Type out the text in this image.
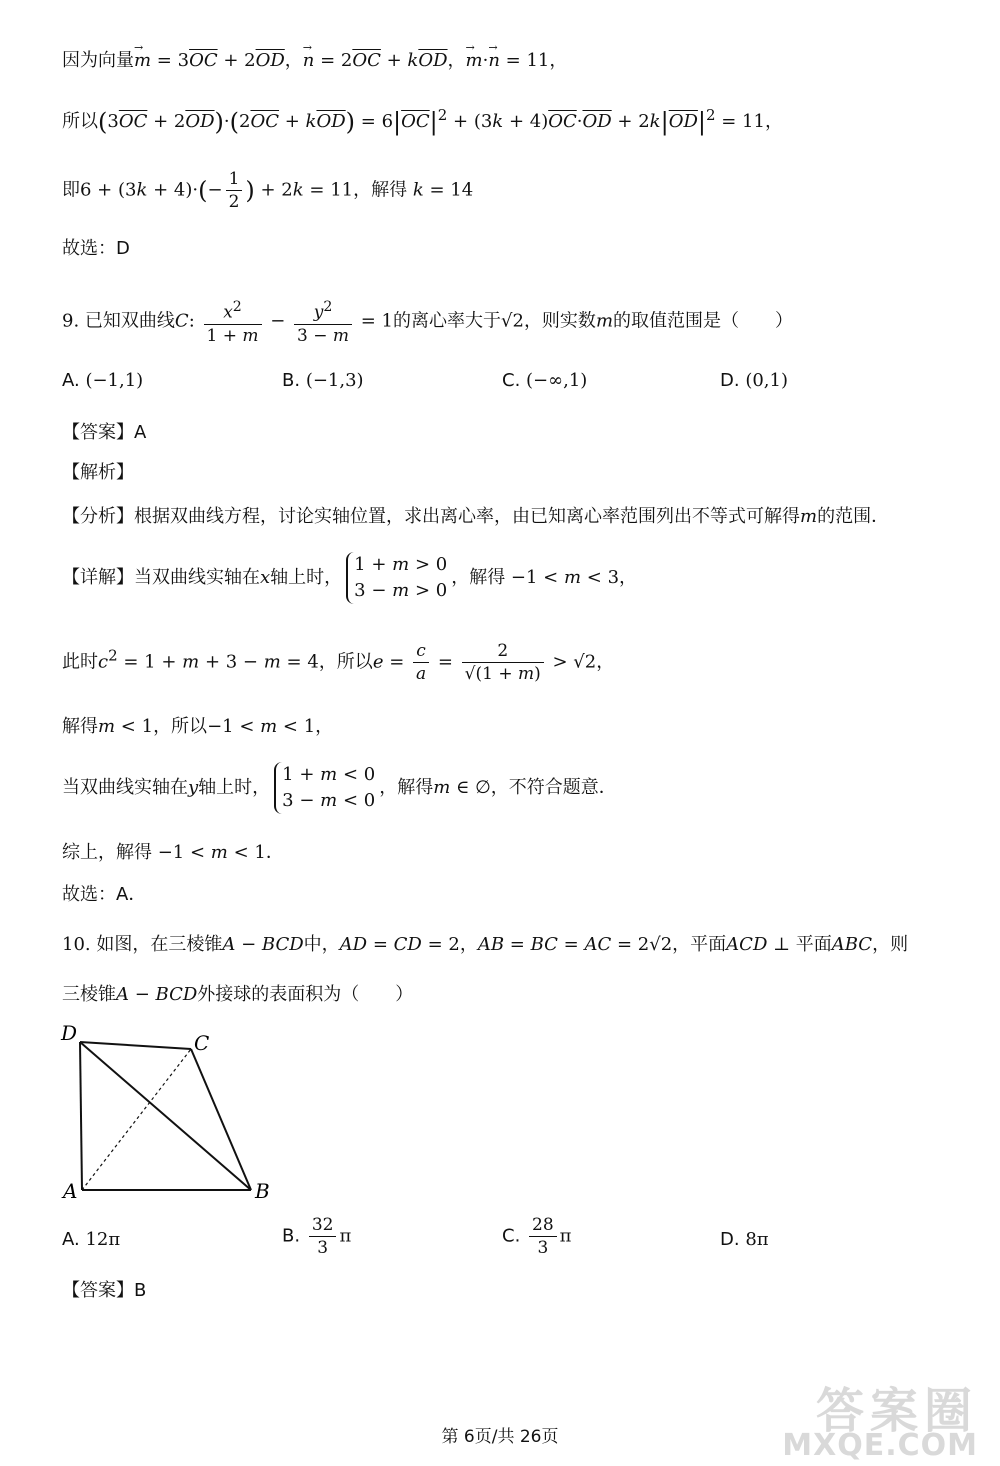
因为向量→ $m = 3\overline{OC} + 2\overline{OD}$，→ $n = 2\overline{OC} + k\overline{OD}$，→ m·→ n = 11，
所以$(3\overline{OC} + 2\overline{OD})\cdot(2\overline{OC} + k\overline{OD}) = 6|\overline{OC}|^2 + (3k + 4)\overline{OC}\cdot\overline{OD} + 2k|\overline{OD}|^2 = 11$，
即$6 + (3k + 4)\cdot(- \frac{1}{2}$ ) + 2k = 11，解得 k = 14
故选：D
9. 已知双曲线C: $\frac{x^2}{1 + m} - \frac{y^2}{3 - m} = 1$的离心率大于√2，则实数m的取值范围是（　　）
A. (−1,1)	B. (−1,3)	C. (−∞,1)	D. (0,1)
【答案】A
【解析】
【分析】根据双曲线方程，讨论实轴位置，求出离心率，由已知离心率范围列出不等式可解得m的范围．
【详解】当双曲线实轴在x轴上时，
1 + m > 0
3 − m > 0
，解得 −1 < m < 3，
此时$c^2 = 1 + m + 3 - m = 4$，所以$e = \frac{c}{a} = \frac{2}{√(1 + m)} > √2$，
解得m < 1，所以−1 < m < 1，
当双曲线实轴在y轴上时，
1 + m < 0
3 − m < 0
，解得m ∈ ∅，不符合题意．
综上，解得 −1 < m < 1．
故选：A．
10. 如图，在三棱锥A − BCD中，AD = CD = 2，AB = BC = AC = 2√2，平面ACD ⊥ 平面ABC，则
三棱锥A − BCD外接球的表面积为（　　）
D	C
A	B
A. 12π	B. $\frac{32}{3}$ π	C. $\frac{28}{3}$ π	D. 8π
【答案】B
第 6页/共 26页	答案圈
MXQE.COM
